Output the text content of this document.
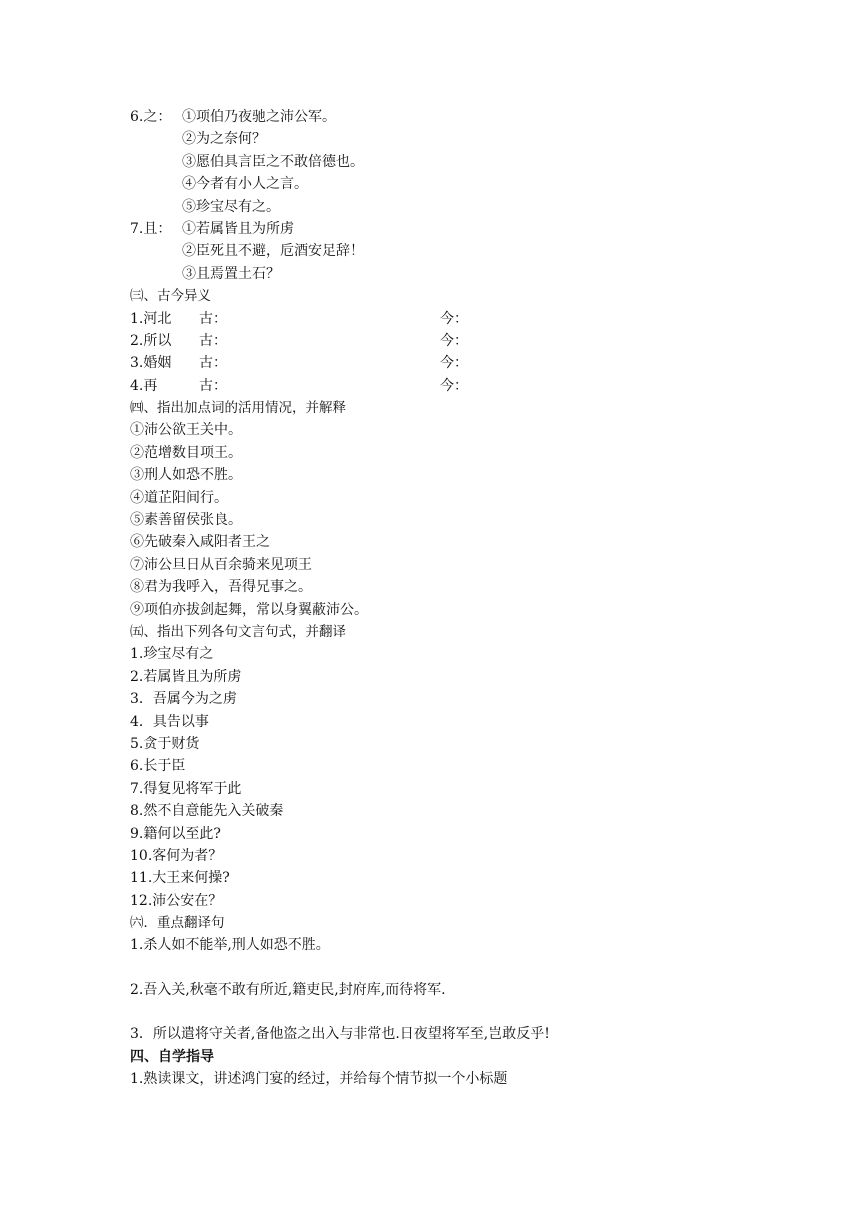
6.之： ①项伯乃夜驰之沛公军。
②为之奈何？
③愿伯具言臣之不敢倍德也。
④今者有小人之言。
⑤珍宝尽有之。
7.且： ①若属皆且为所虏
②臣死且不避，卮酒安足辞！
③且焉置土石？
㈢、古今异义
1.河北	古：	今：
2.所以	古：	今：
3.婚姻	古：	今：
4.再	古：	今：
㈣、指出加点词的活用情况，并解释
①沛公欲王关中。
②范增数目项王。
③刑人如恐不胜。
④道芷阳间行。
⑤素善留侯张良。
⑥先破秦入咸阳者王之
⑦沛公旦日从百余骑来见项王
⑧君为我呼入，吾得兄事之。
⑨项伯亦拔剑起舞，常以身翼蔽沛公。
㈤、指出下列各句文言句式，并翻译
1.珍宝尽有之
2.若属皆且为所虏
3．吾属今为之虏
4．具告以事
5.贪于财货
6.长于臣
7.得复见将军于此
8.然不自意能先入关破秦
9.籍何以至此?
10.客何为者？
11.大王来何操?
12.沛公安在？
㈥．重点翻译句
1.杀人如不能举,刑人如恐不胜。
2.吾入关,秋毫不敢有所近,籍吏民,封府库,而待将军.
3．所以遣将守关者,备他盗之出入与非常也.日夜望将军至,岂敢反乎!
四、自学指导
1.熟读课文，讲述鸿门宴的经过，并给每个情节拟一个小标题
